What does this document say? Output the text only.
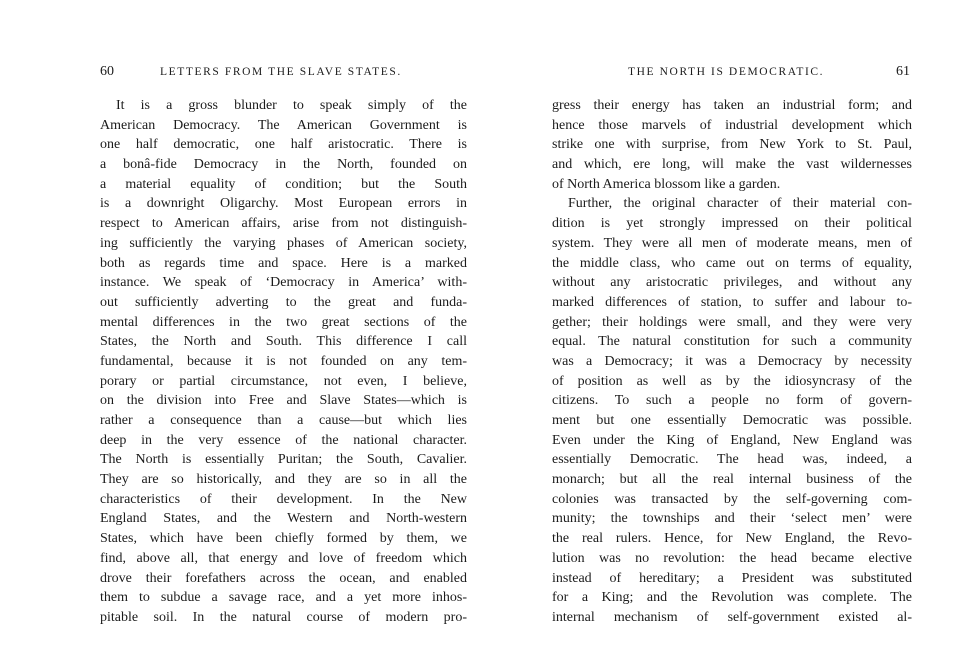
60	LETTERS FROM THE SLAVE STATES.
It is a gross blunder to speak simply of the
American Democracy. The American Government is
one half democratic, one half aristocratic. There is
a bonâ-fide Democracy in the North, founded on
a material equality of condition; but the South
is a downright Oligarchy. Most European errors in
respect to American affairs, arise from not distinguish-
ing sufficiently the varying phases of American society,
both as regards time and space. Here is a marked
instance. We speak of ‘Democracy in America’ with-
out sufficiently adverting to the great and funda-
mental differences in the two great sections of the
States, the North and South. This difference I call
fundamental, because it is not founded on any tem-
porary or partial circumstance, not even, I believe,
on the division into Free and Slave States—which is
rather a consequence than a cause—but which lies
deep in the very essence of the national character.
The North is essentially Puritan; the South, Cavalier.
They are so historically, and they are so in all the
characteristics of their development. In the New
England States, and the Western and North-western
States, which have been chiefly formed by them, we
find, above all, that energy and love of freedom which
drove their forefathers across the ocean, and enabled
them to subdue a savage race, and a yet more inhos-
pitable soil. In the natural course of modern pro-
THE NORTH IS DEMOCRATIC.	61
gress their energy has taken an industrial form; and
hence those marvels of industrial development which
strike one with surprise, from New York to St. Paul,
and which, ere long, will make the vast wildernesses
of North America blossom like a garden.
Further, the original character of their material con-
dition is yet strongly impressed on their political
system. They were all men of moderate means, men of
the middle class, who came out on terms of equality,
without any aristocratic privileges, and without any
marked differences of station, to suffer and labour to-
gether; their holdings were small, and they were very
equal. The natural constitution for such a community
was a Democracy; it was a Democracy by necessity
of position as well as by the idiosyncrasy of the
citizens. To such a people no form of govern-
ment but one essentially Democratic was possible.
Even under the King of England, New England was
essentially Democratic. The head was, indeed, a
monarch; but all the real internal business of the
colonies was transacted by the self-governing com-
munity; the townships and their ‘select men’ were
the real rulers. Hence, for New England, the Revo-
lution was no revolution: the head became elective
instead of hereditary; a President was substituted
for a King; and the Revolution was complete. The
internal mechanism of self-government existed al-
